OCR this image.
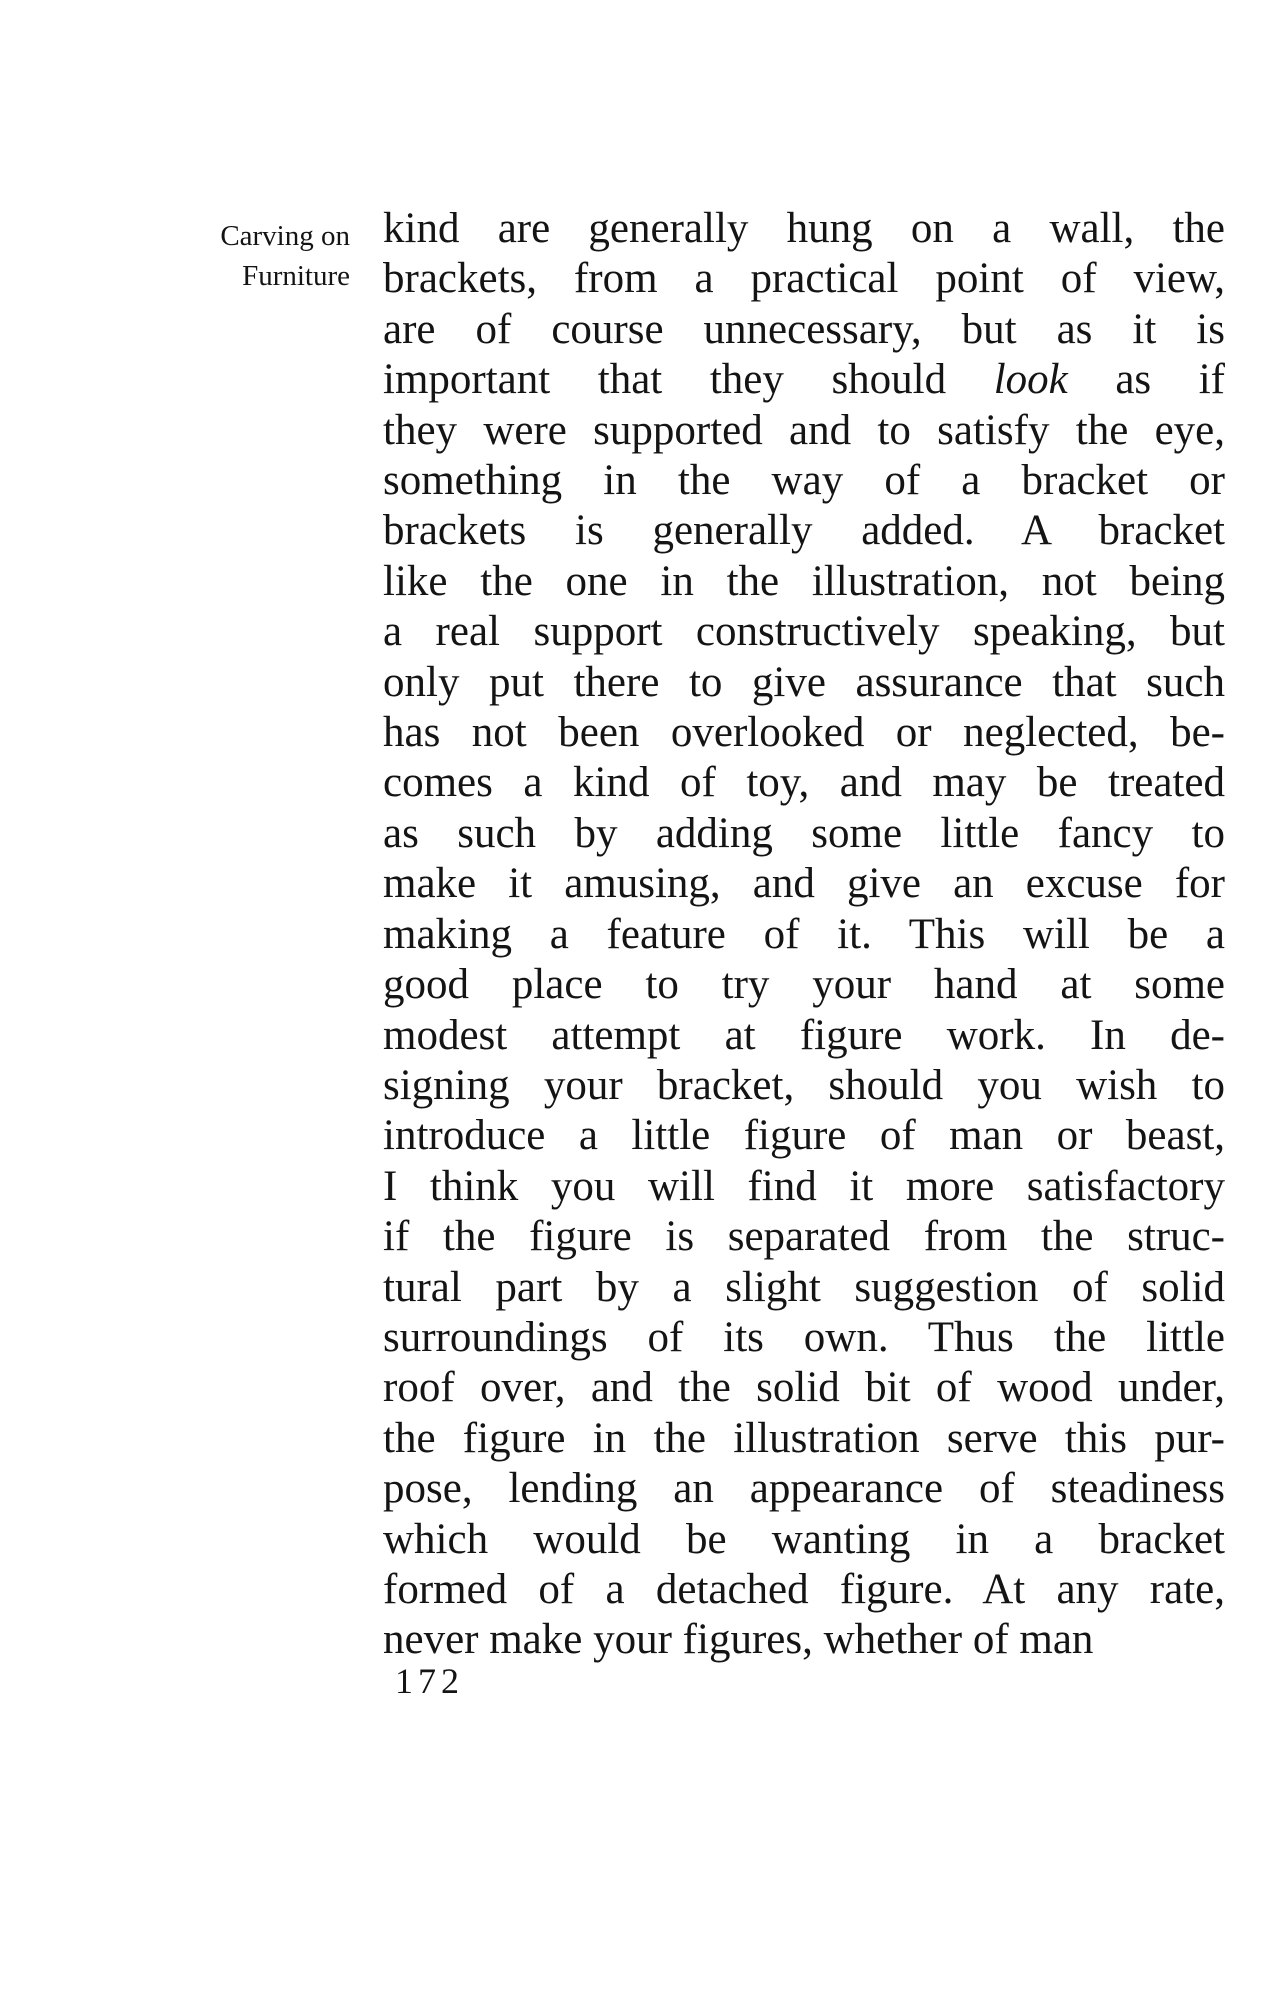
Carving on
Furniture
kind are generally hung on a wall, the
brackets, from a practical point of view,
are of course unnecessary, but as it is
important that they should look as if
they were supported and to satisfy the eye,
something in the way of a bracket or
brackets is generally added. A bracket
like the one in the illustration, not being
a real support constructively speaking, but
only put there to give assurance that such
has not been overlooked or neglected, be-
comes a kind of toy, and may be treated
as such by adding some little fancy to
make it amusing, and give an excuse for
making a feature of it. This will be a
good place to try your hand at some
modest attempt at figure work. In de-
signing your bracket, should you wish to
introduce a little figure of man or beast,
I think you will find it more satisfactory
if the figure is separated from the struc-
tural part by a slight suggestion of solid
surroundings of its own. Thus the little
roof over, and the solid bit of wood under,
the figure in the illustration serve this pur-
pose, lending an appearance of steadiness
which would be wanting in a bracket
formed of a detached figure. At any rate,
never make your figures, whether of man
172
